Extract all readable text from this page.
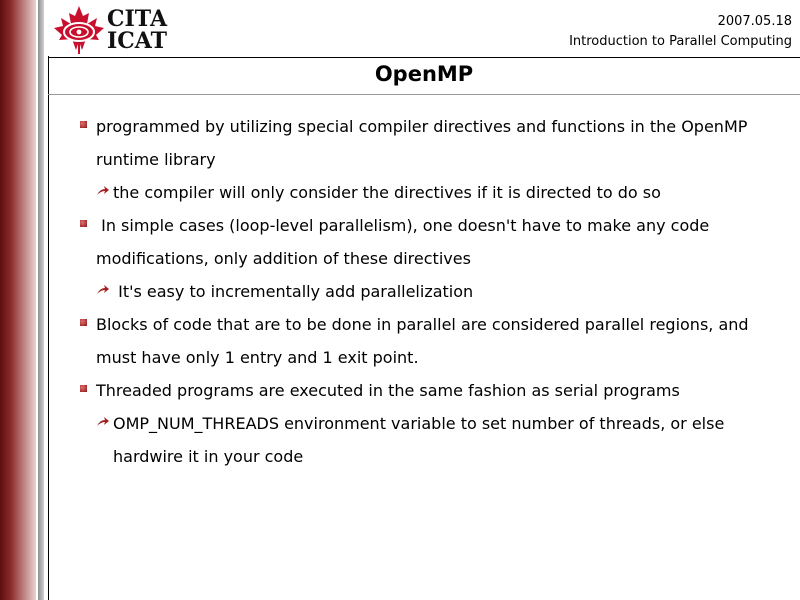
CITA
ICAT
2007.05.18
Introduction to Parallel Computing
OpenMP
programmed by utilizing special compiler directives and functions in the OpenMP runtime library
the compiler will only consider the directives if it is directed to do so
In simple cases (loop-level parallelism), one doesn't have to make any code modifications, only addition of these directives
It's easy to incrementally add parallelization
Blocks of code that are to be done in parallel are considered parallel regions, and must have only 1 entry and 1 exit point.
Threaded programs are executed in the same fashion as serial programs
OMP_NUM_THREADS environment variable to set number of threads, or else hardwire it in your code
